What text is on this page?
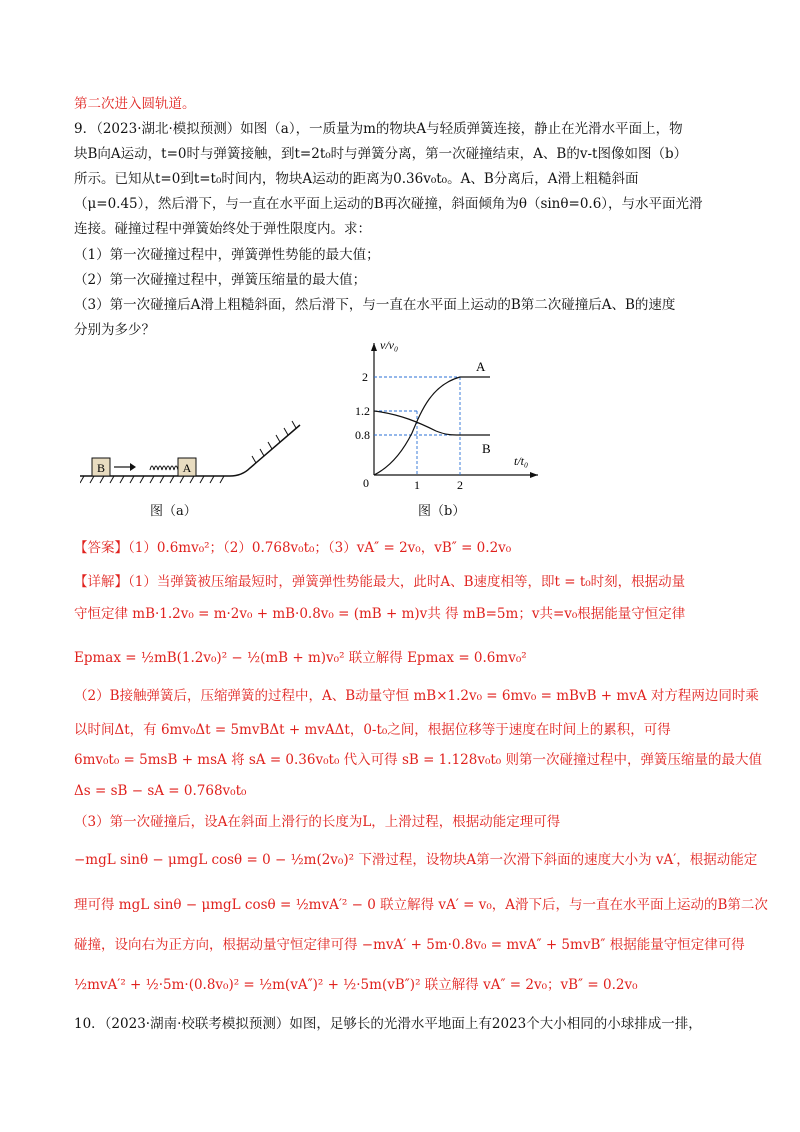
第二次进入圆轨道。
9．（2023·湖北·模拟预测）如图（a），一质量为m的物块A与轻质弹簧连接，静止在光滑水平面上，物
块B向A运动，t=0时与弹簧接触，到t=2t₀时与弹簧分离，第一次碰撞结束，A、B的v-t图像如图（b）
所示。已知从t=0到t=t₀时间内，物块A运动的距离为0.36v₀t₀。A、B分离后，A滑上粗糙斜面
（μ=0.45），然后滑下，与一直在水平面上运动的B再次碰撞，斜面倾角为θ（sinθ=0.6），与水平面光滑
连接。碰撞过程中弹簧始终处于弹性限度内。求：
（1）第一次碰撞过程中，弹簧弹性势能的最大值；
（2）第一次碰撞过程中，弹簧压缩量的最大值；
（3）第一次碰撞后A滑上粗糙斜面，然后滑下，与一直在水平面上运动的B第二次碰撞后A、B的速度
分别为多少？
B	A
图（a）
v/v₀
t/t₀
0
2
1.2
0.8
1	2
A
B
图（b）
【答案】（1）0.6mv₀²；（2）0.768v₀t₀；（3）vA″ = 2v₀，vB″ = 0.2v₀
【详解】（1）当弹簧被压缩最短时，弹簧弹性势能最大，此时A、B速度相等，即t = t₀时刻，根据动量
守恒定律 mB·1.2v₀ = m·2v₀ + mB·0.8v₀ = (mB + m)v共 得 mB=5m；v共=v₀根据能量守恒定律
Epmax = ½mB(1.2v₀)² − ½(mB + m)v₀² 联立解得 Epmax = 0.6mv₀²
（2）B接触弹簧后，压缩弹簧的过程中，A、B动量守恒 mB×1.2v₀ = 6mv₀ = mBvB + mvA 对方程两边同时乘
以时间Δt，有 6mv₀Δt = 5mvBΔt + mvAΔt，0-t₀之间，根据位移等于速度在时间上的累积，可得
6mv₀t₀ = 5msB + msA 将 sA = 0.36v₀t₀ 代入可得 sB = 1.128v₀t₀ 则第一次碰撞过程中，弹簧压缩量的最大值
Δs = sB − sA = 0.768v₀t₀
（3）第一次碰撞后，设A在斜面上滑行的长度为L，上滑过程，根据动能定理可得
−mgL sinθ − μmgL cosθ = 0 − ½m(2v₀)² 下滑过程，设物块A第一次滑下斜面的速度大小为 vA′，根据动能定
理可得 mgL sinθ − μmgL cosθ = ½mvA′² − 0 联立解得 vA′ = v₀，A滑下后，与一直在水平面上运动的B第二次
碰撞，设向右为正方向，根据动量守恒定律可得 −mvA′ + 5m·0.8v₀ = mvA″ + 5mvB″ 根据能量守恒定律可得
½mvA′² + ½·5m·(0.8v₀)² = ½m(vA″)² + ½·5m(vB″)² 联立解得 vA″ = 2v₀；vB″ = 0.2v₀
10．（2023·湖南·校联考模拟预测）如图，足够长的光滑水平地面上有2023个大小相同的小球排成一排，
